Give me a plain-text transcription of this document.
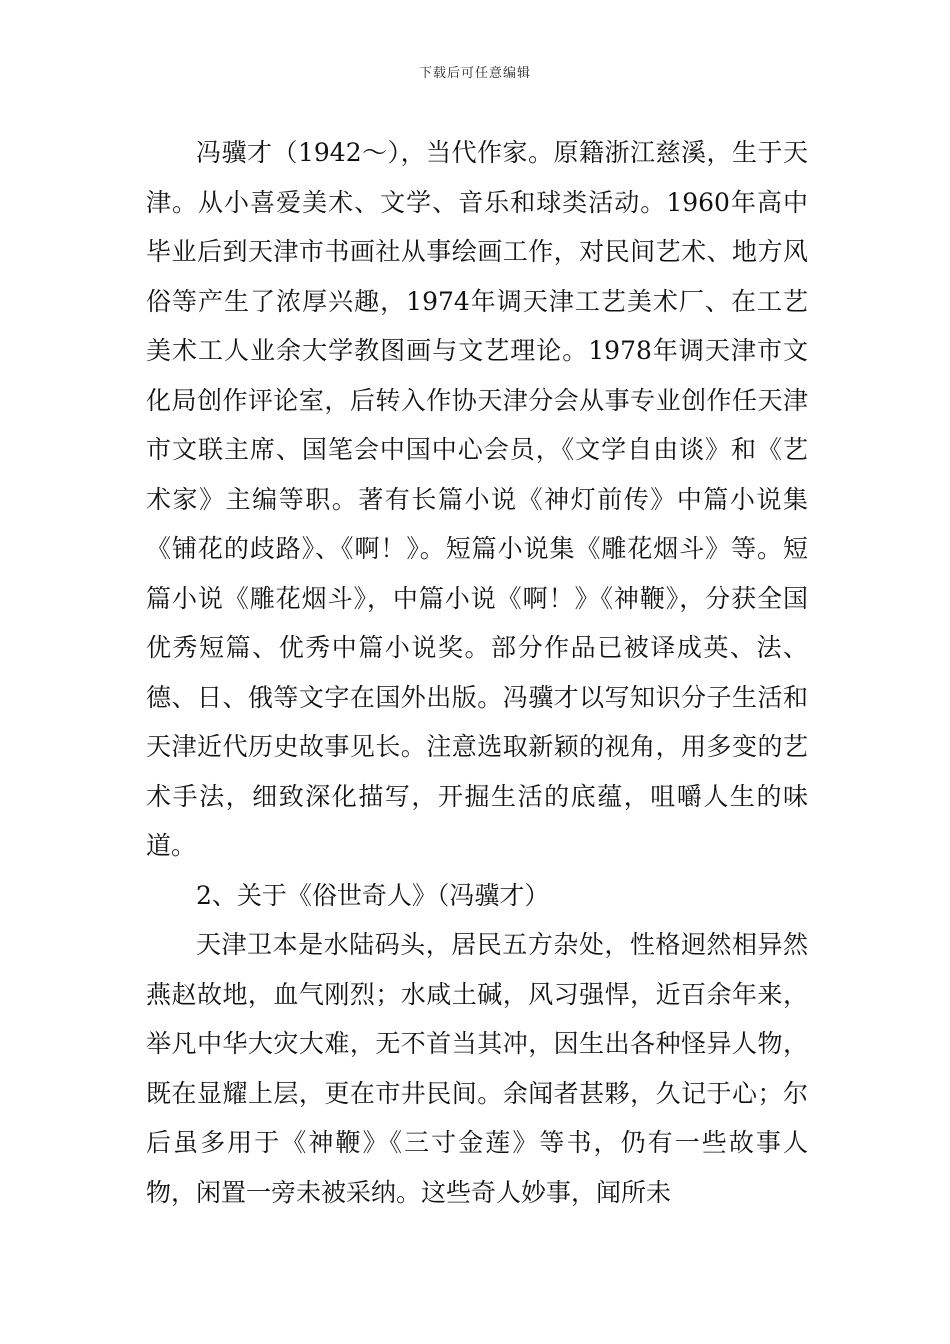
下载后可任意编辑

冯骥才（1942～），当代作家。原籍浙江慈溪，生于天津。从小喜爱美术、文学、音乐和球类活动。1960年高中毕业后到天津市书画社从事绘画工作，对民间艺术、地方风俗等产生了浓厚兴趣，1974年调天津工艺美术厂、在工艺美术工人业余大学教图画与文艺理论。1978年调天津市文化局创作评论室，后转入作协天津分会从事专业创作任天津市文联主席、国笔会中国中心会员，《文学自由谈》和《艺术家》主编等职。著有长篇小说《神灯前传》中篇小说集《铺花的歧路》、《啊！》。短篇小说集《雕花烟斗》等。短篇小说《雕花烟斗》，中篇小说《啊！》《神鞭》，分获全国优秀短篇、优秀中篇小说奖。部分作品已被译成英、法、德、日、俄等文字在国外出版。冯骥才以写知识分子生活和天津近代历史故事见长。注意选取新颖的视角，用多变的艺术手法，细致深化描写，开掘生活的底蕴，咀嚼人生的味道。

2、关于《俗世奇人》（冯骥才）

天津卫本是水陆码头，居民五方杂处，性格迥然相异然燕赵故地，血气刚烈；水咸土碱，风习强悍，近百余年来，举凡中华大灾大难，无不首当其冲，因生出各种怪异人物，既在显耀上层，更在市井民间。余闻者甚夥，久记于心；尔后虽多用于《神鞭》《三寸金莲》等书，仍有一些故事人物，闲置一旁未被采纳。这些奇人妙事，闻所未
